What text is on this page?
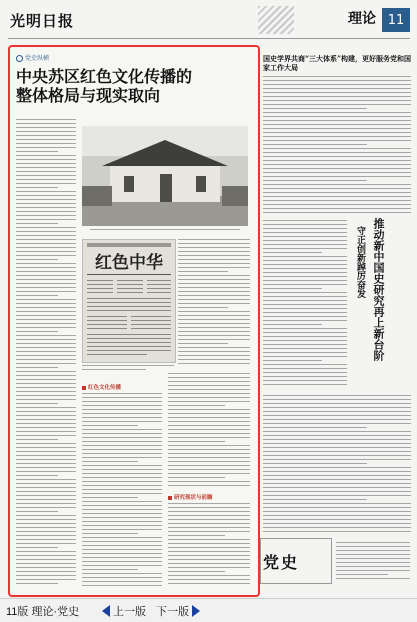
光明日报	理论 11
党史纵横
中央苏区红色文化传播的
整体格局与现实取向
红色中华
红色文化传播
研究现状与前瞻
国史学界共商“三大体系”构建，更好服务党和国家工作大局
推动新中国史研究再上新台阶
守正创新踔厉奋发
党史
11版 理论·党史	上一版 下一版
